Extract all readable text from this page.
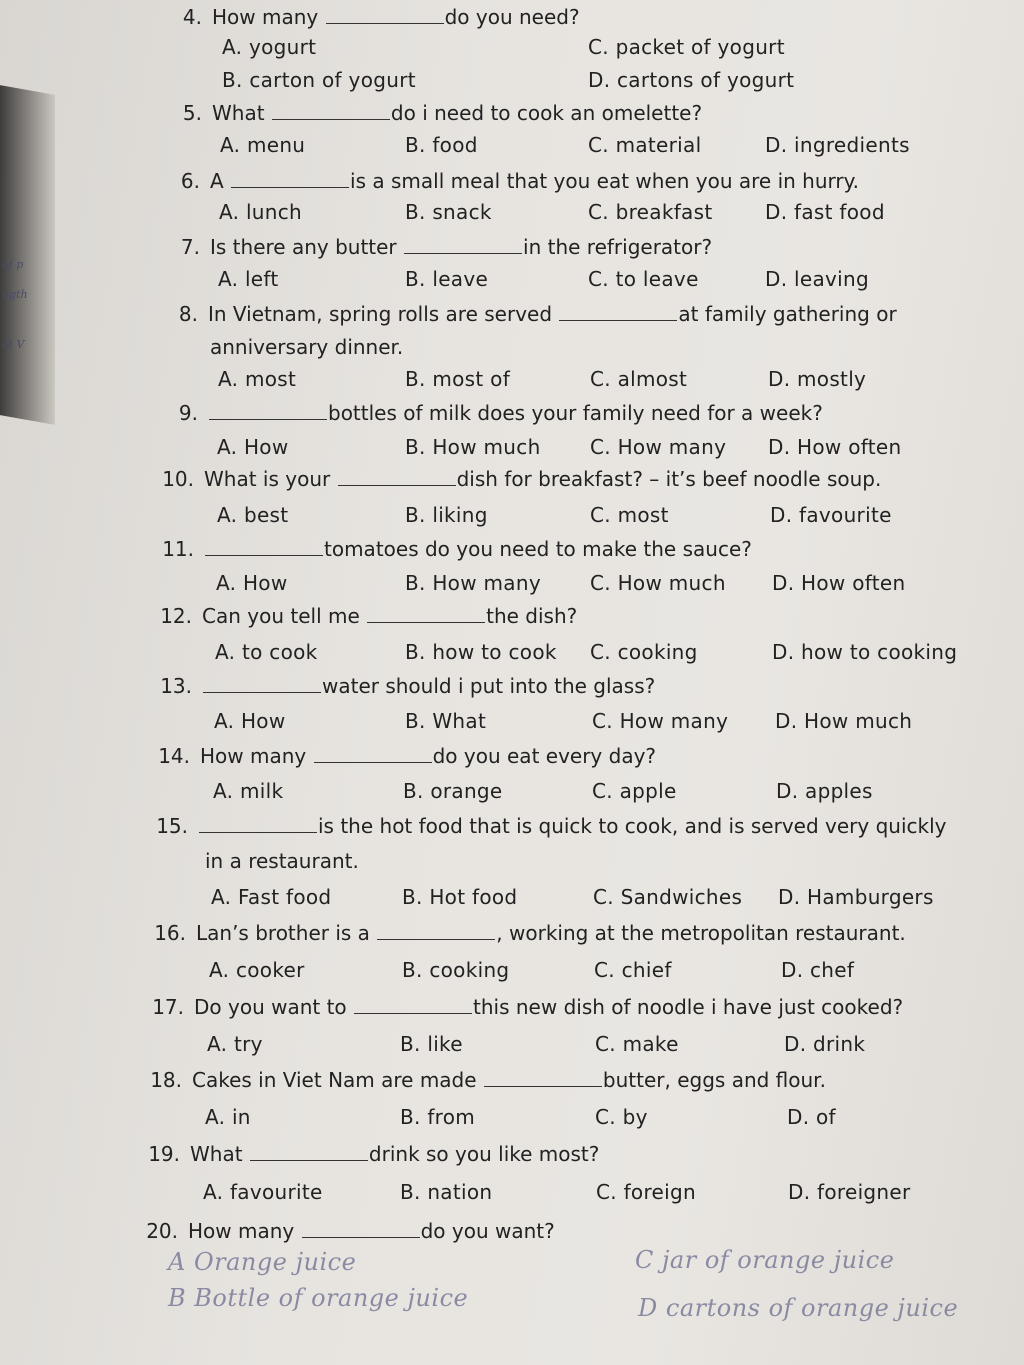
of p
ngth
ot V
4. How many	do you need?
A. yogurt	C. packet of yogurt
B. carton of yogurt	D. cartons of yogurt
5. What	do i need to cook an omelette?
A. menu	B. food	C. material	D. ingredients
6. A	is a small meal that you eat when you are in hurry.
A. lunch	B. snack	C. breakfast	D. fast food
7. Is there any butter	in the refrigerator?
A. left	B. leave	C. to leave	D. leaving
8. In Vietnam, spring rolls are served	at family gathering or
anniversary dinner.
A. most	B. most of	C. almost	D. mostly
9.	bottles of milk does your family need for a week?
A. How	B. How much C. How many D. How often
10. What is your	dish for breakfast? – it’s beef noodle soup.
A. best	B. liking	C. most	D. favourite
11.	tomatoes do you need to make the sauce?
A. How	B. How many C. How much D. How often
12. Can you tell me	the dish?
A. to cook	B. how to cook C. cooking	D. how to cooking
13.	water should i put into the glass?
A. How	B. What	C. How many D. How much
14. How many	do you eat every day?
A. milk	B. orange	C. apple	D. apples
15.	is the hot food that is quick to cook, and is served very quickly
in a restaurant.
A. Fast food	B. Hot food	C. Sandwiches D. Hamburgers
16. Lan’s brother is a	, working at the metropolitan restaurant.
A. cooker	B. cooking	C. chief	D. chef
17. Do you want to	this new dish of noodle i have just cooked?
A. try	B. like	C. make	D. drink
18. Cakes in Viet Nam are made	butter, eggs and flour.
A. in	B. from	C. by	D. of
19. What	drink so you like most?
A. favourite	B. nation	C. foreign	D. foreigner
20. How many	do you want?
A Orange juice
B Bottle of orange juice
C jar of orange juice
D cartons of orange juice
